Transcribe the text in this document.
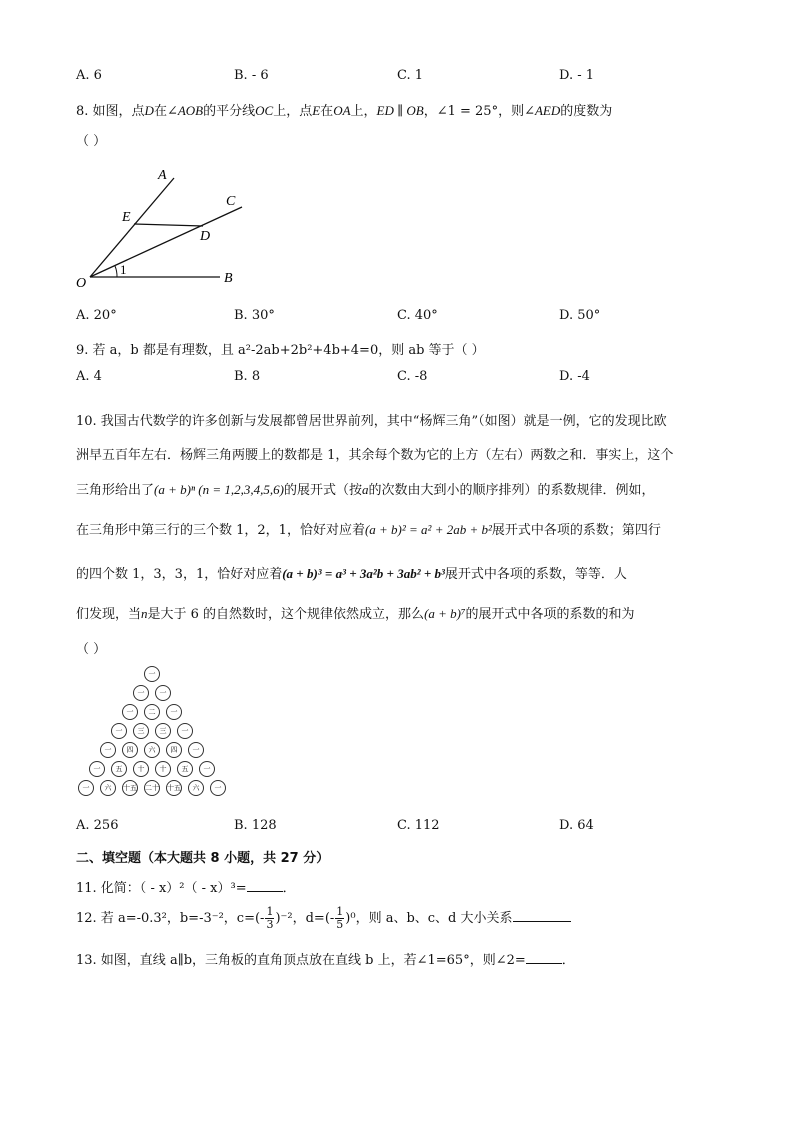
A. 6	B. - 6	C. 1	D. - 1
8. 如图，点D在∠AOB的平分线OC上，点E在OA上，ED ∥ OB，∠1 = 25°，则∠AED的度数为
（ ）
A
C
E
D
O
1
B
A. 20°	B. 30°	C. 40°	D. 50°
9. 若 a，b 都是有理数，且 a²-2ab+2b²+4b+4=0，则 ab 等于（ ）
A. 4	B. 8	C. -8	D. -4
10. 我国古代数学的许多创新与发展都曾居世界前列，其中“杨辉三角”（如图）就是一例，它的发现比欧
洲早五百年左右．杨辉三角两腰上的数都是 1，其余每个数为它的上方（左右）两数之和．事实上，这个
三角形给出了(a + b)ⁿ (n = 1,2,3,4,5,6)的展开式（按a的次数由大到小的顺序排列）的系数规律．例如，
在三角形中第三行的三个数 1，2，1，恰好对应着(a + b)² = a² + 2ab + b²展开式中各项的系数；第四行
的四个数 1，3，3，1，恰好对应着(a + b)³ = a³ + 3a²b + 3ab² + b³展开式中各项的系数，等等．人
们发现，当n是大于 6 的自然数时，这个规律依然成立，那么(a + b)⁷的展开式中各项的系数的和为
（ ）
一
一	一
一	二	一
一	三	三	一
一	四	六	四	一
一	五	十	十	五	一
一	六	十五 二十 十五	六	一
A. 256	B. 128	C. 112	D. 64
二、填空题（本大题共 8 小题，共 27 分）
11. 化简：（ - x）²（ - x）³=	．
12. 若 a=-0.3²，b=-3⁻²，$c=(- \frac{1}{3} )^{-2}$，$d=(- \frac{1}{5} )^0$，则 a、b、c、d 大小关系
13. 如图，直线 a∥b，三角板的直角顶点放在直线 b 上，若∠1=65°，则∠2=	．
